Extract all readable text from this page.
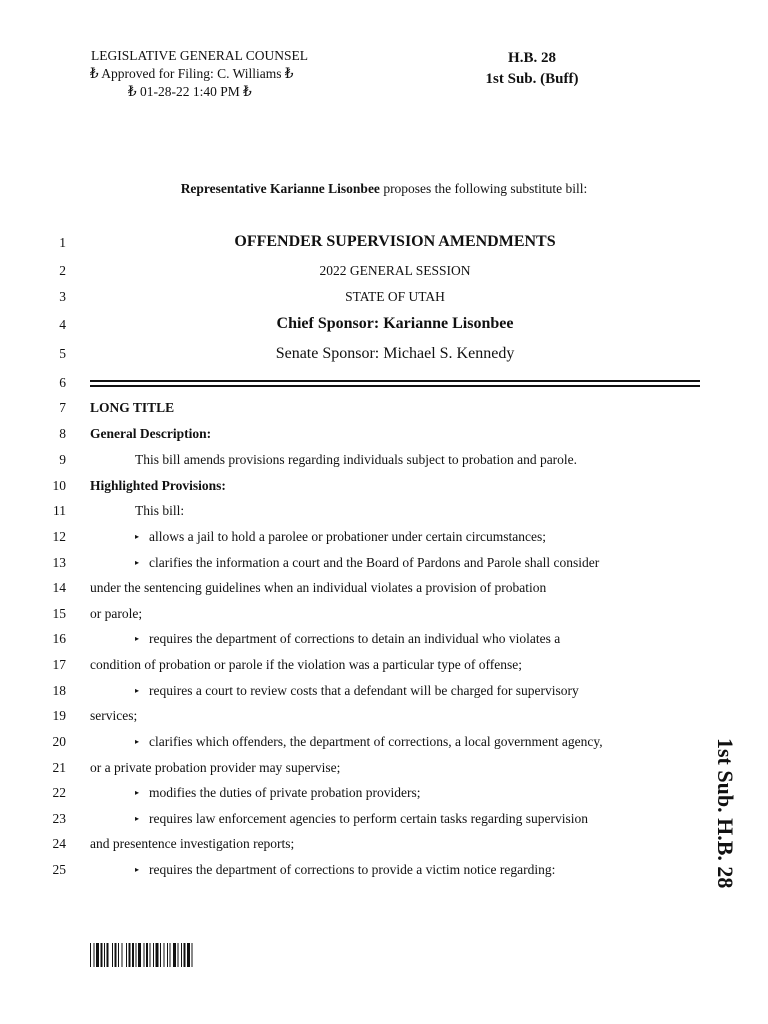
LEGISLATIVE GENERAL COUNSEL
₺ Approved for Filing: C. Williams ₺
₺ 01-28-22 1:40 PM ₺
H.B. 28
1st Sub. (Buff)
Representative Karianne Lisonbee proposes the following substitute bill:
1
2
3
4
5
6
7
8
9
10
11
12
13
14
15
16
17
18
19
20
21
22
23
24
25
OFFENDER SUPERVISION AMENDMENTS
2022 GENERAL SESSION
STATE OF UTAH
Chief Sponsor: Karianne Lisonbee
Senate Sponsor: Michael S. Kennedy
LONG TITLE
General Description:
This bill amends provisions regarding individuals subject to probation and parole.
Highlighted Provisions:
This bill:
▸ allows a jail to hold a parolee or probationer under certain circumstances;
▸ clarifies the information a court and the Board of Pardons and Parole shall consider
under the sentencing guidelines when an individual violates a provision of probation
or parole;
▸ requires the department of corrections to detain an individual who violates a
condition of probation or parole if the violation was a particular type of offense;
▸ requires a court to review costs that a defendant will be charged for supervisory
services;
▸ clarifies which offenders, the department of corrections, a local government agency,
or a private probation provider may supervise;
▸ modifies the duties of private probation providers;
▸ requires law enforcement agencies to perform certain tasks regarding supervision
and presentence investigation reports;
▸ requires the department of corrections to provide a victim notice regarding:	1st Sub. H.B. 28
